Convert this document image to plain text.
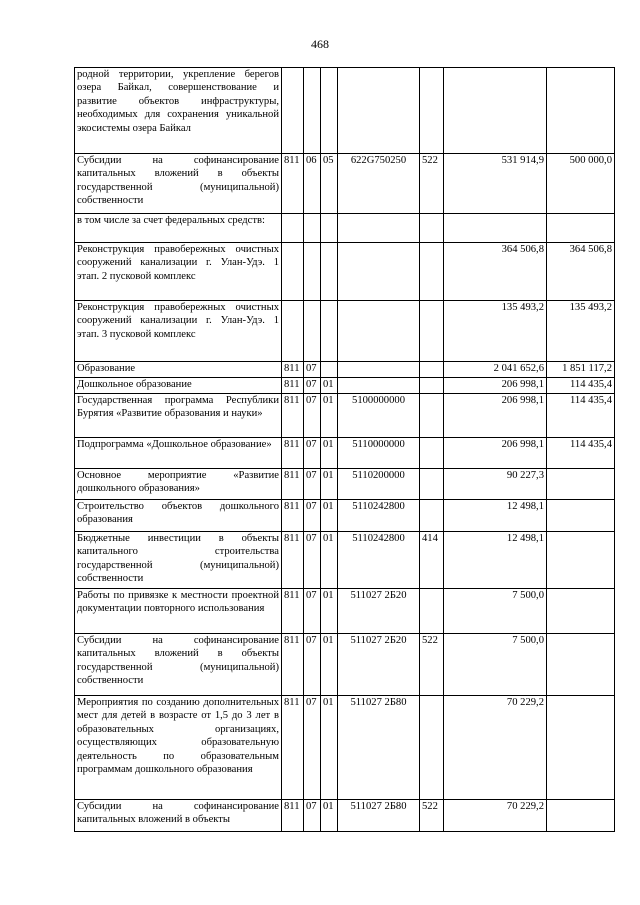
468
родной территории, укрепление берегов озера Байкал, совершенствование и развитие объектов инфраструктуры, необходимых для сохранения уникальной экосистемы озера Байкал							
Субсидии на софинансирование капитальных вложений в объекты государственной (муниципальной) собственности	811	06	05	622G750250	522	531 914,9	500 000,0
в том числе за счет федеральных средств:							
Реконструкция правобережных очистных сооружений канализации г. Улан-Удэ. 1 этап. 2 пусковой комплекс						364 506,8	364 506,8
Реконструкция правобережных очистных сооружений канализации г. Улан-Удэ. 1 этап. 3 пусковой комплекс						135 493,2	135 493,2
Образование	811	07				2 041 652,6	1 851 117,2
Дошкольное образование	811	07	01			206 998,1	114 435,4
Государственная программа Республики Бурятия «Развитие образования и науки»	811	07	01	5100000000		206 998,1	114 435,4
Подпрограмма «Дошкольное образование»	811	07	01	5110000000		206 998,1	114 435,4
Основное мероприятие «Развитие дошкольного образования»	811	07	01	5110200000		90 227,3	
Строительство объектов дошкольного образования	811	07	01	5110242800		12 498,1	
Бюджетные инвестиции в объекты капитального строительства государственной (муниципальной) собственности	811	07	01	5110242800	414	12 498,1	
Работы по привязке к местности проектной документации повторного использования	811	07	01	511027 2Б20		7 500,0	
Субсидии на софинансирование капитальных вложений в объекты государственной (муниципальной) собственности	811	07	01	511027 2Б20	522	7 500,0	
Мероприятия по созданию дополнительных мест для детей в возрасте от 1,5 до 3 лет в образовательных организациях, осуществляющих образовательную деятельность по образовательным программам дошкольного образования	811	07	01	511027 2Б80		70 229,2	
Субсидии на софинансирование капитальных вложений в объекты	811	07	01	511027 2Б80	522	70 229,2	
